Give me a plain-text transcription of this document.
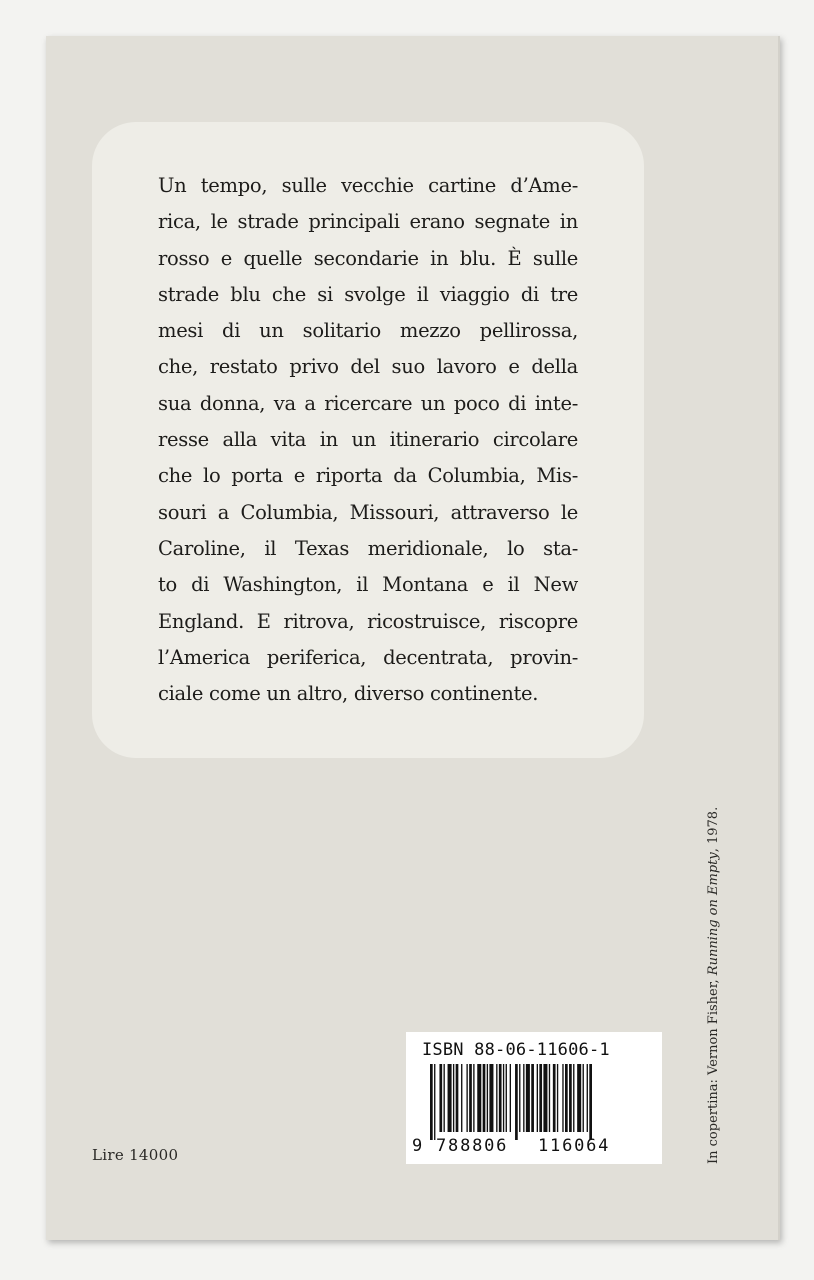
Un tempo, sulle vecchie cartine d’Ame-
rica, le strade principali erano segnate in
rosso e quelle secondarie in blu. È sulle
strade blu che si svolge il viaggio di tre
mesi di un solitario mezzo pellirossa,
che, restato privo del suo lavoro e della
sua donna, va a ricercare un poco di inte-
resse alla vita in un itinerario circolare
che lo porta e riporta da Columbia, Mis-
souri a Columbia, Missouri, attraverso le
Caroline, il Texas meridionale, lo sta-
to di Washington, il Montana e il New
England. E ritrova, ricostruisce, riscopre
l’America periferica, decentrata, provin-
ciale come un altro, diverso continente.

Lire 14000	In copertina: Vernon Fisher, Running on Empty, 1978.
ISBN 88-06-11606-1
9 788806 116064
